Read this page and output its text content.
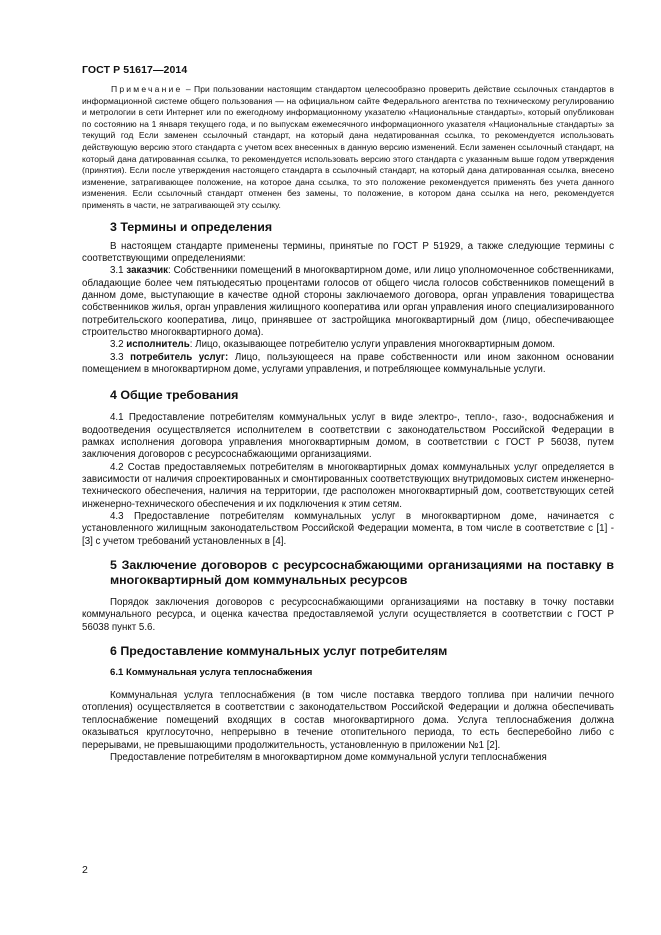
ГОСТ Р 51617—2014

Примечание – При пользовании настоящим стандартом целесообразно проверить действие ссылочных стандартов в информационной системе общего пользования — на официальном сайте Федерального агентства по техническому регулированию и метрологии в сети Интернет или по ежегодному информационному указателю «Национальные стандарты», который опубликован по состоянию на 1 января текущего года, и по выпускам ежемесячного информационного указателя «Национальные стандарты» за текущий год Если заменен ссылочный стандарт, на который дана недатированная ссылка, то рекомендуется использовать действующую версию этого стандарта с учетом всех внесенных в данную версию изменений. Если заменен ссылочный стандарт, на который дана датированная ссылка, то рекомендуется использовать версию этого стандарта с указанным выше годом утверждения (принятия). Если после утверждения настоящего стандарта в ссылочный стандарт, на который дана датированная ссылка, внесено изменение, затрагивающее положение, на которое дана ссылка, то это положение рекомендуется применять без учета данного изменения. Если ссылочный стандарт отменен без замены, то положение, в котором дана ссылка на него, рекомендуется применять в части, не затрагивающей эту ссылку.

3 Термины и определения

В настоящем стандарте применены термины, принятые по ГОСТ Р 51929, а также следующие термины с соответствующими определениями:

3.1 заказчик: Собственники помещений в многоквартирном доме, или лицо уполномоченное собственниками, обладающие более чем пятьюдесятью процентами голосов от общего числа голосов собственников помещений в данном доме, выступающие в качестве одной стороны заключаемого договора, орган управления товарищества собственников жилья, орган управления жилищного кооператива или орган управления иного специализированного потребительского кооператива, лицо, принявшее от застройщика многоквартирный дом (лицо, обеспечивающее строительство многоквартирного дома).

3.2 исполнитель: Лицо, оказывающее потребителю услуги управления многоквартирным домом.

3.3 потребитель услуг: Лицо, пользующееся на праве собственности или ином законном основании помещением в многоквартирном доме, услугами управления, и потребляющее коммунальные услуги.

4 Общие требования

4.1 Предоставление потребителям коммунальных услуг в виде электро-, тепло-, газо-, водоснабжения и водоотведения осуществляется исполнителем в соответствии с законодательством Российской Федерации в рамках исполнения договора управления многоквартирным домом, в соответствии с ГОСТ Р 56038, путем заключения договоров с ресурсоснабжающими организациями.

4.2 Состав предоставляемых потребителям в многоквартирных домах коммунальных услуг определяется в зависимости от наличия спроектированных и смонтированных соответствующих внутридомовых систем инженерно-технического обеспечения, наличия на территории, где расположен многоквартирный дом, соответствующих сетей инженерно-технического обеспечения и их подключения к этим сетям.

4.3 Предоставление потребителям коммунальных услуг в многоквартирном доме, начинается с установленного жилищным законодательством Российской Федерации момента, в том числе в соответствие с [1] - [3] с учетом требований установленных в [4].

5 Заключение договоров с ресурсоснабжающими организациями на поставку в многоквартирный дом коммунальных ресурсов

Порядок заключения договоров с ресурсоснабжающими организациями на поставку в точку поставки коммунального ресурса, и оценка качества предоставляемой услуги осуществляется в соответствии с ГОСТ Р 56038 пункт 5.6.

6 Предоставление коммунальных услуг потребителям
6.1 Коммунальная услуга теплоснабжения

Коммунальная услуга теплоснабжения (в том числе поставка твердого топлива при наличии печного отопления) осуществляется в соответствии с законодательством Российской Федерации и должна обеспечивать теплоснабжение помещений входящих в состав многоквартирного дома. Услуга теплоснабжения должна оказываться круглосуточно, непрерывно в течение отопительного периода, то есть бесперебойно либо с перерывами, не превышающими продолжительность, установленную в приложении №1 [2].

Предоставление потребителям в многоквартирном доме коммунальной услуги теплоснабжения

2
